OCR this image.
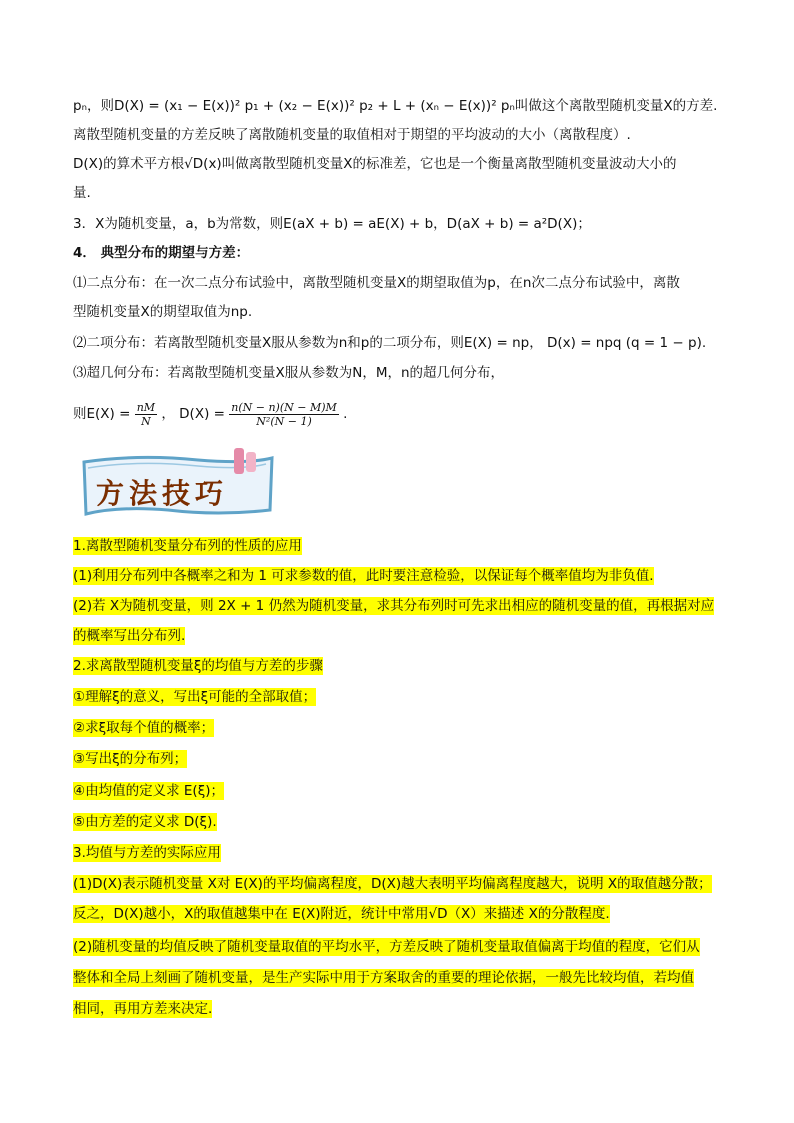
pₙ，则D(X) = (x₁ − E(x))² p₁ + (x₂ − E(x))² p₂ + L + (xₙ − E(x))² pₙ叫做这个离散型随机变量X的方差.
离散型随机变量的方差反映了离散随机变量的取值相对于期望的平均波动的大小（离散程度）.
D(X)的算术平方根√D(x)叫做离散型随机变量X的标准差，它也是一个衡量离散型随机变量波动大小的
量.
3．X为随机变量，a，b为常数，则E(aX + b) = aE(X) + b，D(aX + b) = a²D(X)；
4． 典型分布的期望与方差：
⑴二点分布：在一次二点分布试验中，离散型随机变量X的期望取值为p，在n次二点分布试验中，离散
型随机变量X的期望取值为np.
⑵二项分布：若离散型随机变量X服从参数为n和p的二项分布，则E(X) = np， D(x) = npq (q = 1 − p).
⑶超几何分布：若离散型随机变量X服从参数为N，M，n的超几何分布，
则$E(X) = \frac{nM}{N}$ ， $D(X) = \frac{n(N - n)(N - M)M}{\text{N²(N − 1)}}$ .
方法技巧
1.离散型随机变量分布列的性质的应用
(1)利用分布列中各概率之和为 1 可求参数的值，此时要注意检验，以保证每个概率值均为非负值.
(2)若 X为随机变量，则 2X + 1 仍然为随机变量，求其分布列时可先求出相应的随机变量的值，再根据对应
的概率写出分布列.
2.求离散型随机变量ξ的均值与方差的步骤
①理解ξ的意义，写出ξ可能的全部取值；
②求ξ取每个值的概率；
③写出ξ的分布列；
④由均值的定义求 E(ξ)；
⑤由方差的定义求 D(ξ).
3.均值与方差的实际应用
(1)D(X)表示随机变量 X对 E(X)的平均偏离程度，D(X)越大表明平均偏离程度越大，说明 X的取值越分散；
反之，D(X)越小，X的取值越集中在 E(X)附近，统计中常用√D（X）来描述 X的分散程度.
(2)随机变量的均值反映了随机变量取值的平均水平，方差反映了随机变量取值偏离于均值的程度，它们从
整体和全局上刻画了随机变量，是生产实际中用于方案取舍的重要的理论依据，一般先比较均值，若均值
相同，再用方差来决定.
